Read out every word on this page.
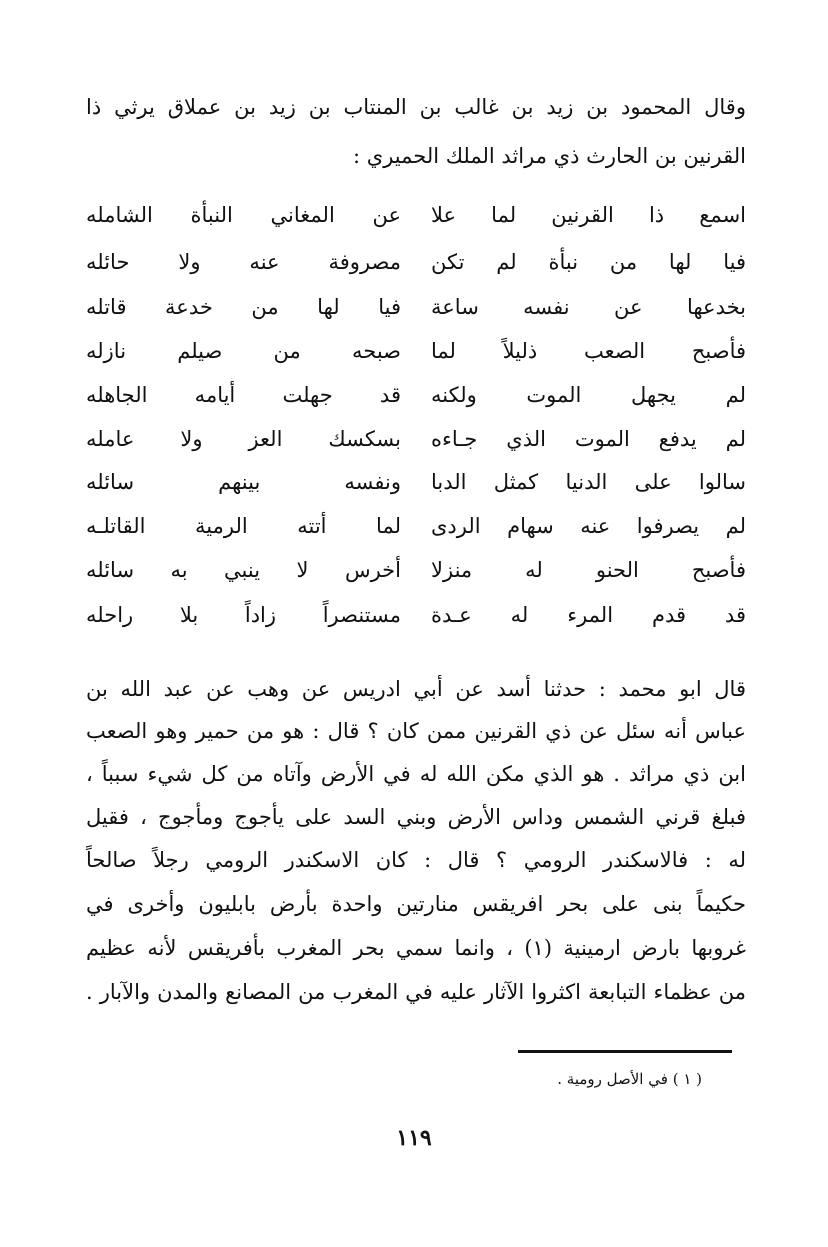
وقال المحمود بن زيد بن غالب بن المنتاب بن زيد بن عملاق يرثي ذا
القرنين بن الحارث ذي مراثد الملك الحميري :
اسمع ذا القرنين لما علا
عن المغاني النبأة الشامله
فيا لها من نبأة لم تكن
مصروفة عنه ولا حائله
بخدعها عن نفسه ساعة
فيا لها من خدعة قاتله
فأصبح الصعب ذليلاً لما
صبحه من صيلم نازله
لم يجهل الموت ولكنه
قد جهلت أيامه الجاهله
لم يدفع الموت الذي جـاءه
بسكسك العز ولا عامله
سالوا على الدنيا كمثل الدبا
ونفسه بينهم سائله
لم يصرفوا عنه سهام الردى
لما أتته الرمية القاتلـه
فأصبح الحنو له منزلا
أخرس لا ينبي به سائله
قد قدم المرء له عـدة
مستنصراً زاداً بلا راحله
قال ابو محمد : حدثنا أسد عن أبي ادريس عن وهب عن عبد الله بن
عباس أنه سئل عن ذي القرنين ممن كان ؟ قال : هو من حمير وهو الصعب
ابن ذي مراثد . هو الذي مكن الله له في الأرض وآتاه من كل شيء سبباً ،
فبلغ قرني الشمس وداس الأرض وبني السد على يأجوج ومأجوج ، فقيل
له : فالاسكندر الرومي ؟ قال : كان الاسكندر الرومي رجلاً صالحاً
حكيماً بنى على بحر افريقس منارتين واحدة بأرض بابليون وأخرى في
غروبها بارض ارمينية (١) ، وانما سمي بحر المغرب بأفريقس لأنه عظيم
من عظماء التبابعة اكثروا الآثار عليه في المغرب من المصانع والمدن والآبار .
( ١ ) في الأصل رومية .
١١٩
